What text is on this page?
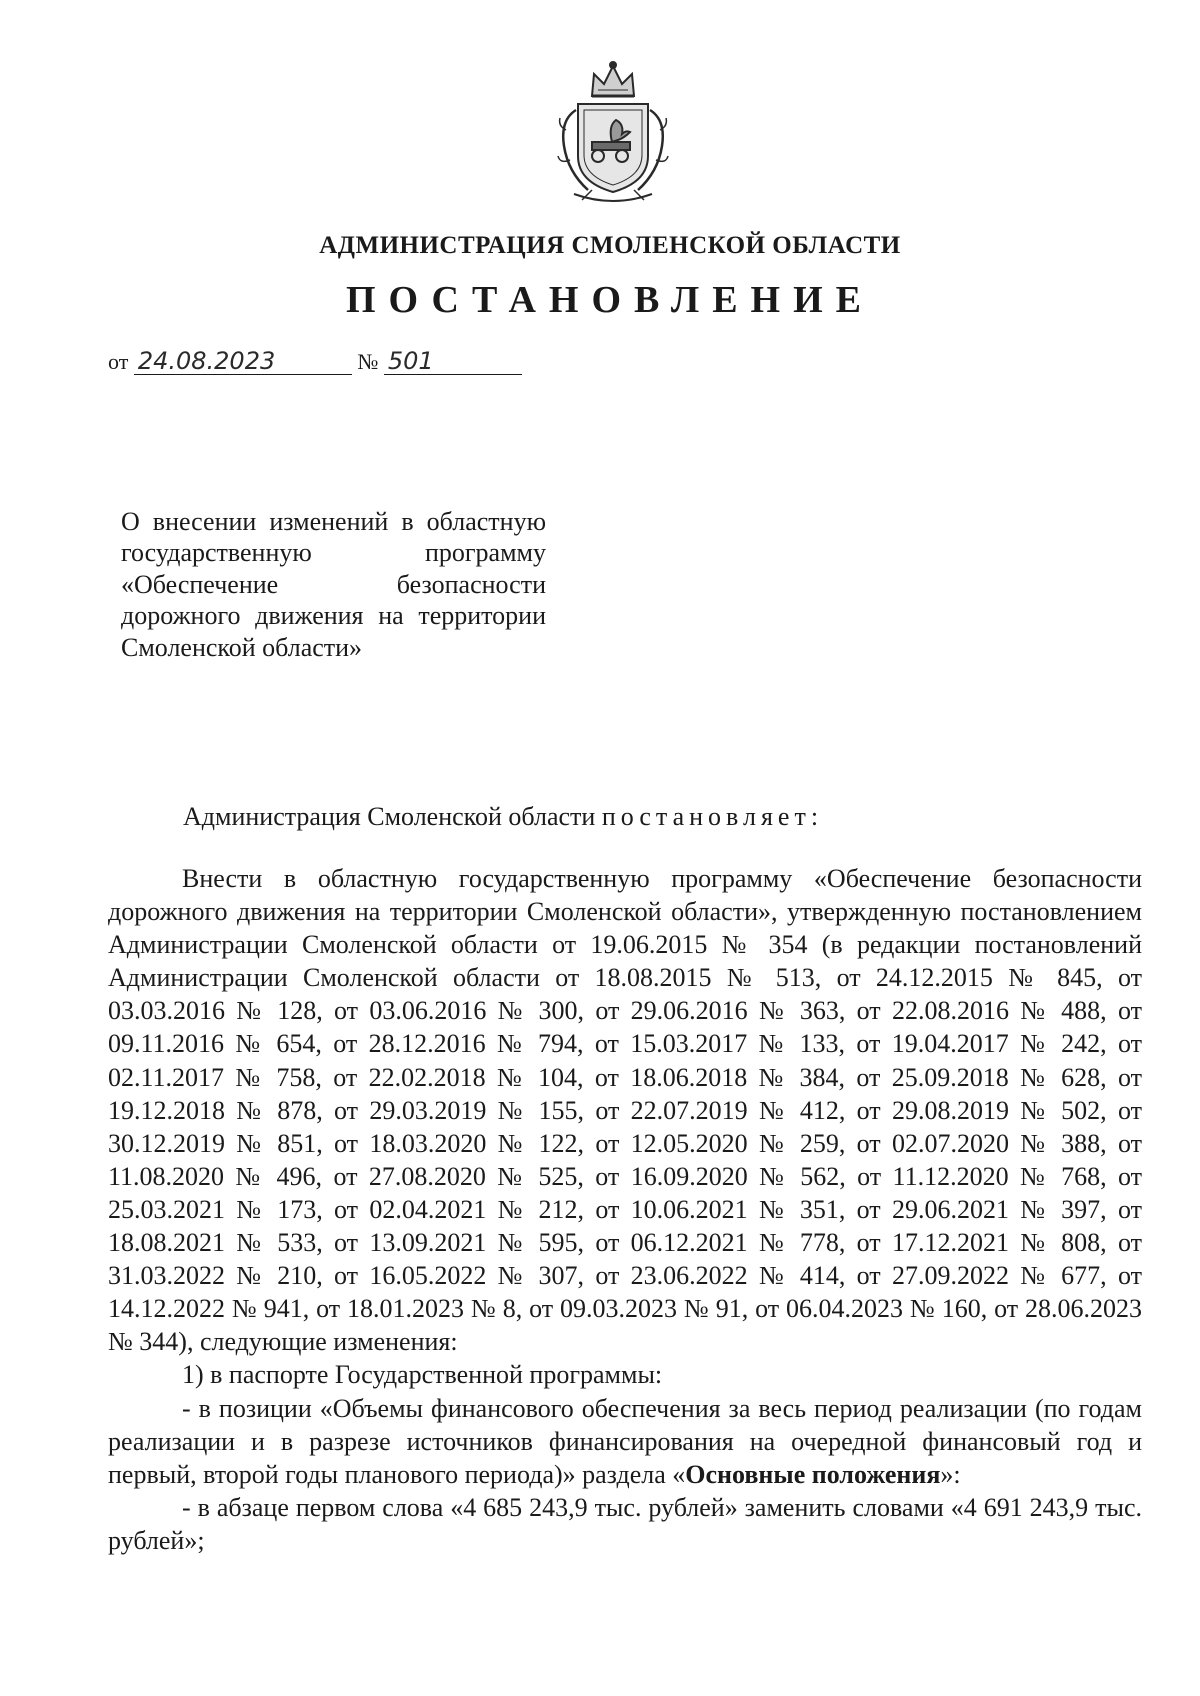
АДМИНИСТРАЦИЯ СМОЛЕНСКОЙ ОБЛАСТИ
ПОСТАНОВЛЕНИЕ
от 24.08.2023	№ 501

О внесении изменений в областную государственную программу «Обеспечение безопасности дорожного движения на территории Смоленской области»

Администрация Смоленской области постановляет:

Внести в областную государственную программу «Обеспечение безопасности дорожного движения на территории Смоленской области», утвержденную постановлением Администрации Смоленской области от 19.06.2015 № 354 (в редакции постановлений Администрации Смоленской области от 18.08.2015 № 513, от 24.12.2015 № 845, от 03.03.2016 № 128, от 03.06.2016 № 300, от 29.06.2016 № 363, от 22.08.2016 № 488, от 09.11.2016 № 654, от 28.12.2016 № 794, от 15.03.2017 № 133, от 19.04.2017 № 242, от 02.11.2017 № 758, от 22.02.2018 № 104, от 18.06.2018 № 384, от 25.09.2018 № 628, от 19.12.2018 № 878, от 29.03.2019 № 155, от 22.07.2019 № 412, от 29.08.2019 № 502, от 30.12.2019 № 851, от 18.03.2020 № 122, от 12.05.2020 № 259, от 02.07.2020 № 388, от 11.08.2020 № 496, от 27.08.2020 № 525, от 16.09.2020 № 562, от 11.12.2020 № 768, от 25.03.2021 № 173, от 02.04.2021 № 212, от 10.06.2021 № 351, от 29.06.2021 № 397, от 18.08.2021 № 533, от 13.09.2021 № 595, от 06.12.2021 № 778, от 17.12.2021 № 808, от 31.03.2022 № 210, от 16.05.2022 № 307, от 23.06.2022 № 414, от 27.09.2022 № 677, от 14.12.2022 № 941, от 18.01.2023 № 8, от 09.03.2023 № 91, от 06.04.2023 № 160, от 28.06.2023 № 344), следующие изменения:

1) в паспорте Государственной программы:

- в позиции «Объемы финансового обеспечения за весь период реализации (по годам реализации и в разрезе источников финансирования на очередной финансовый год и первый, второй годы планового периода)» раздела «Основные положения»:

- в абзаце первом слова «4 685 243,9 тыс. рублей» заменить словами «4 691 243,9 тыс. рублей»;
